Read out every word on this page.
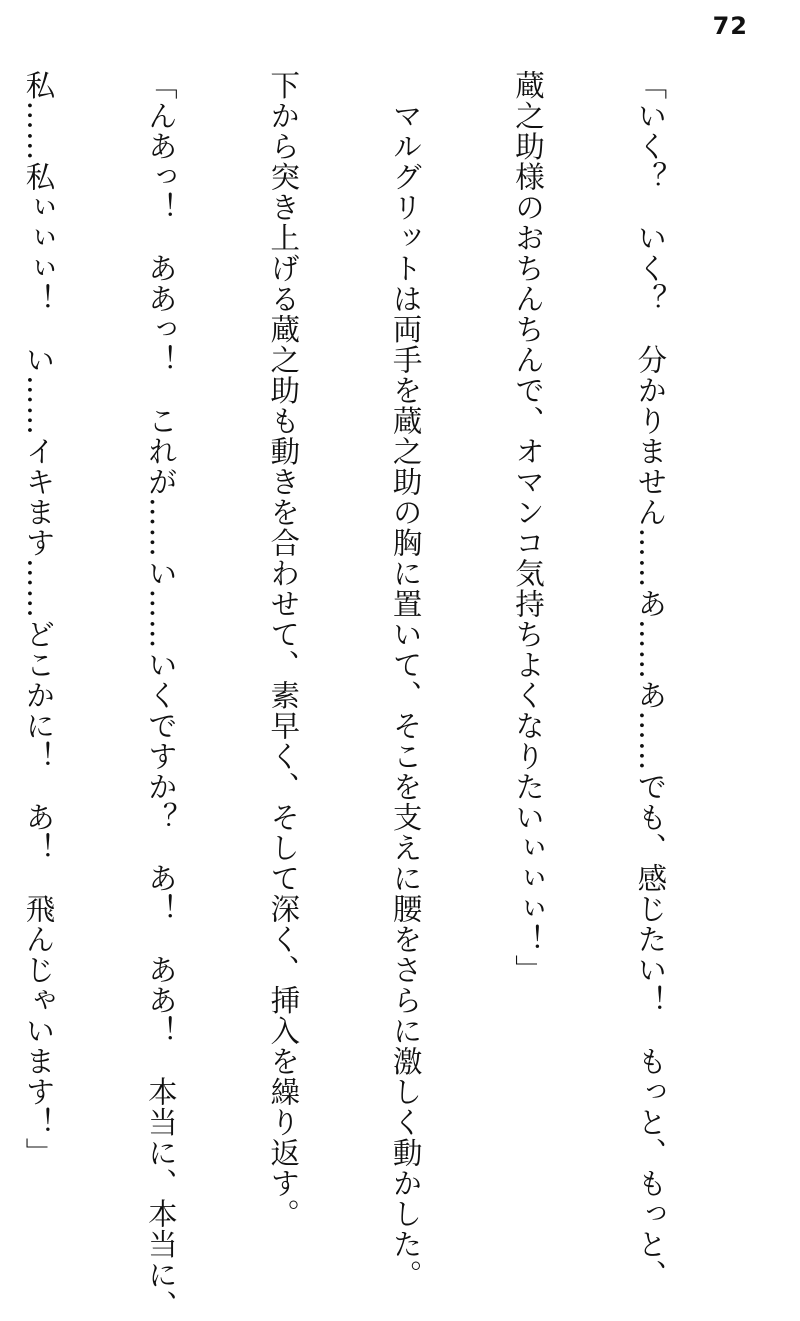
72

「いく？　いく？　分かりません……あ……あ……でも、感じたい！　もっと、もっと、

蔵之助様のおちんちんで、オマンコ気持ちよくなりたいぃぃぃ！」

　マルグリットは両手を蔵之助の胸に置いて、そこを支えに腰をさらに激しく動かした。

下から突き上げる蔵之助も動きを合わせて、素早く、そして深く、挿入を繰り返す。

「んあっ！　ああっ！　これが……い……いくですか？　あ！　ああ！　本当に、本当に、

私……私ぃぃぃ！　い……イキます……どこかに！　あ！　飛んじゃいます！」
